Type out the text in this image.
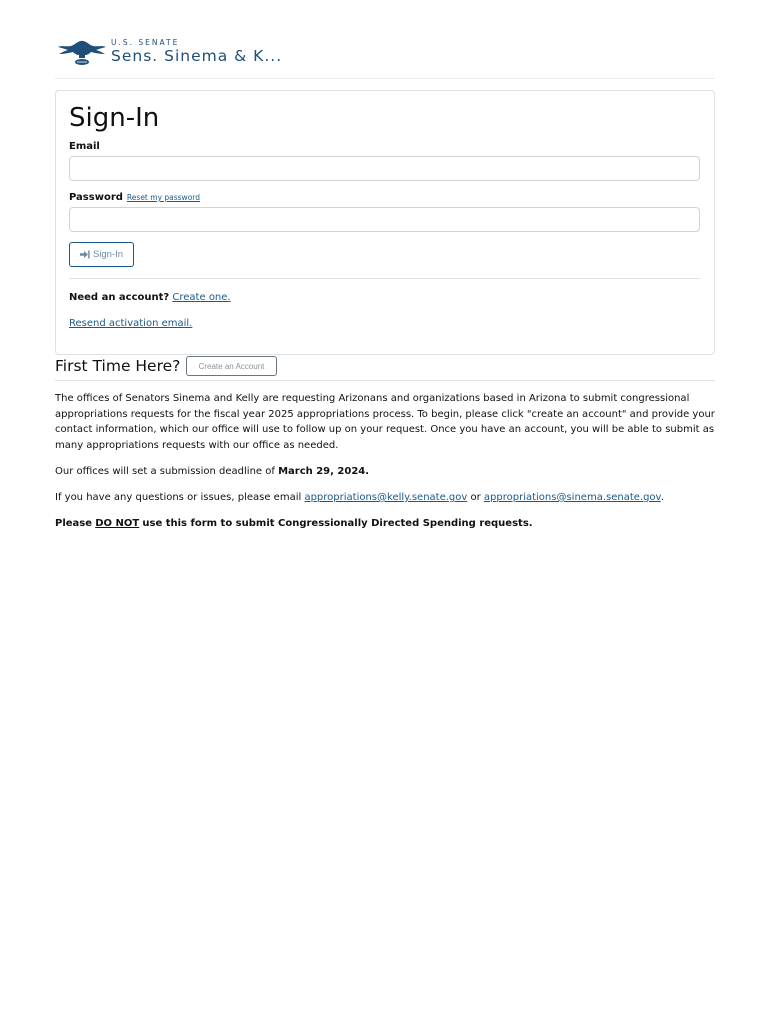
U.S. SENATE
Sens. Sinema & K...
Sign-In
Email
Password Reset my password
Sign-In
Need an account? Create one.
Resend activation email.
First Time Here?	Create an Account

The offices of Senators Sinema and Kelly are requesting Arizonans and organizations based in Arizona to submit congressional appropriations requests for the fiscal year 2025 appropriations process. To begin, please click "create an account" and provide your contact information, which our office will use to follow up on your request. Once you have an account, you will be able to submit as many appropriations requests with our office as needed.

Our offices will set a submission deadline of March 29, 2024.

If you have any questions or issues, please email appropriations@kelly.senate.gov or appropriations@sinema.senate.gov.

Please DO NOT use this form to submit Congressionally Directed Spending requests.
